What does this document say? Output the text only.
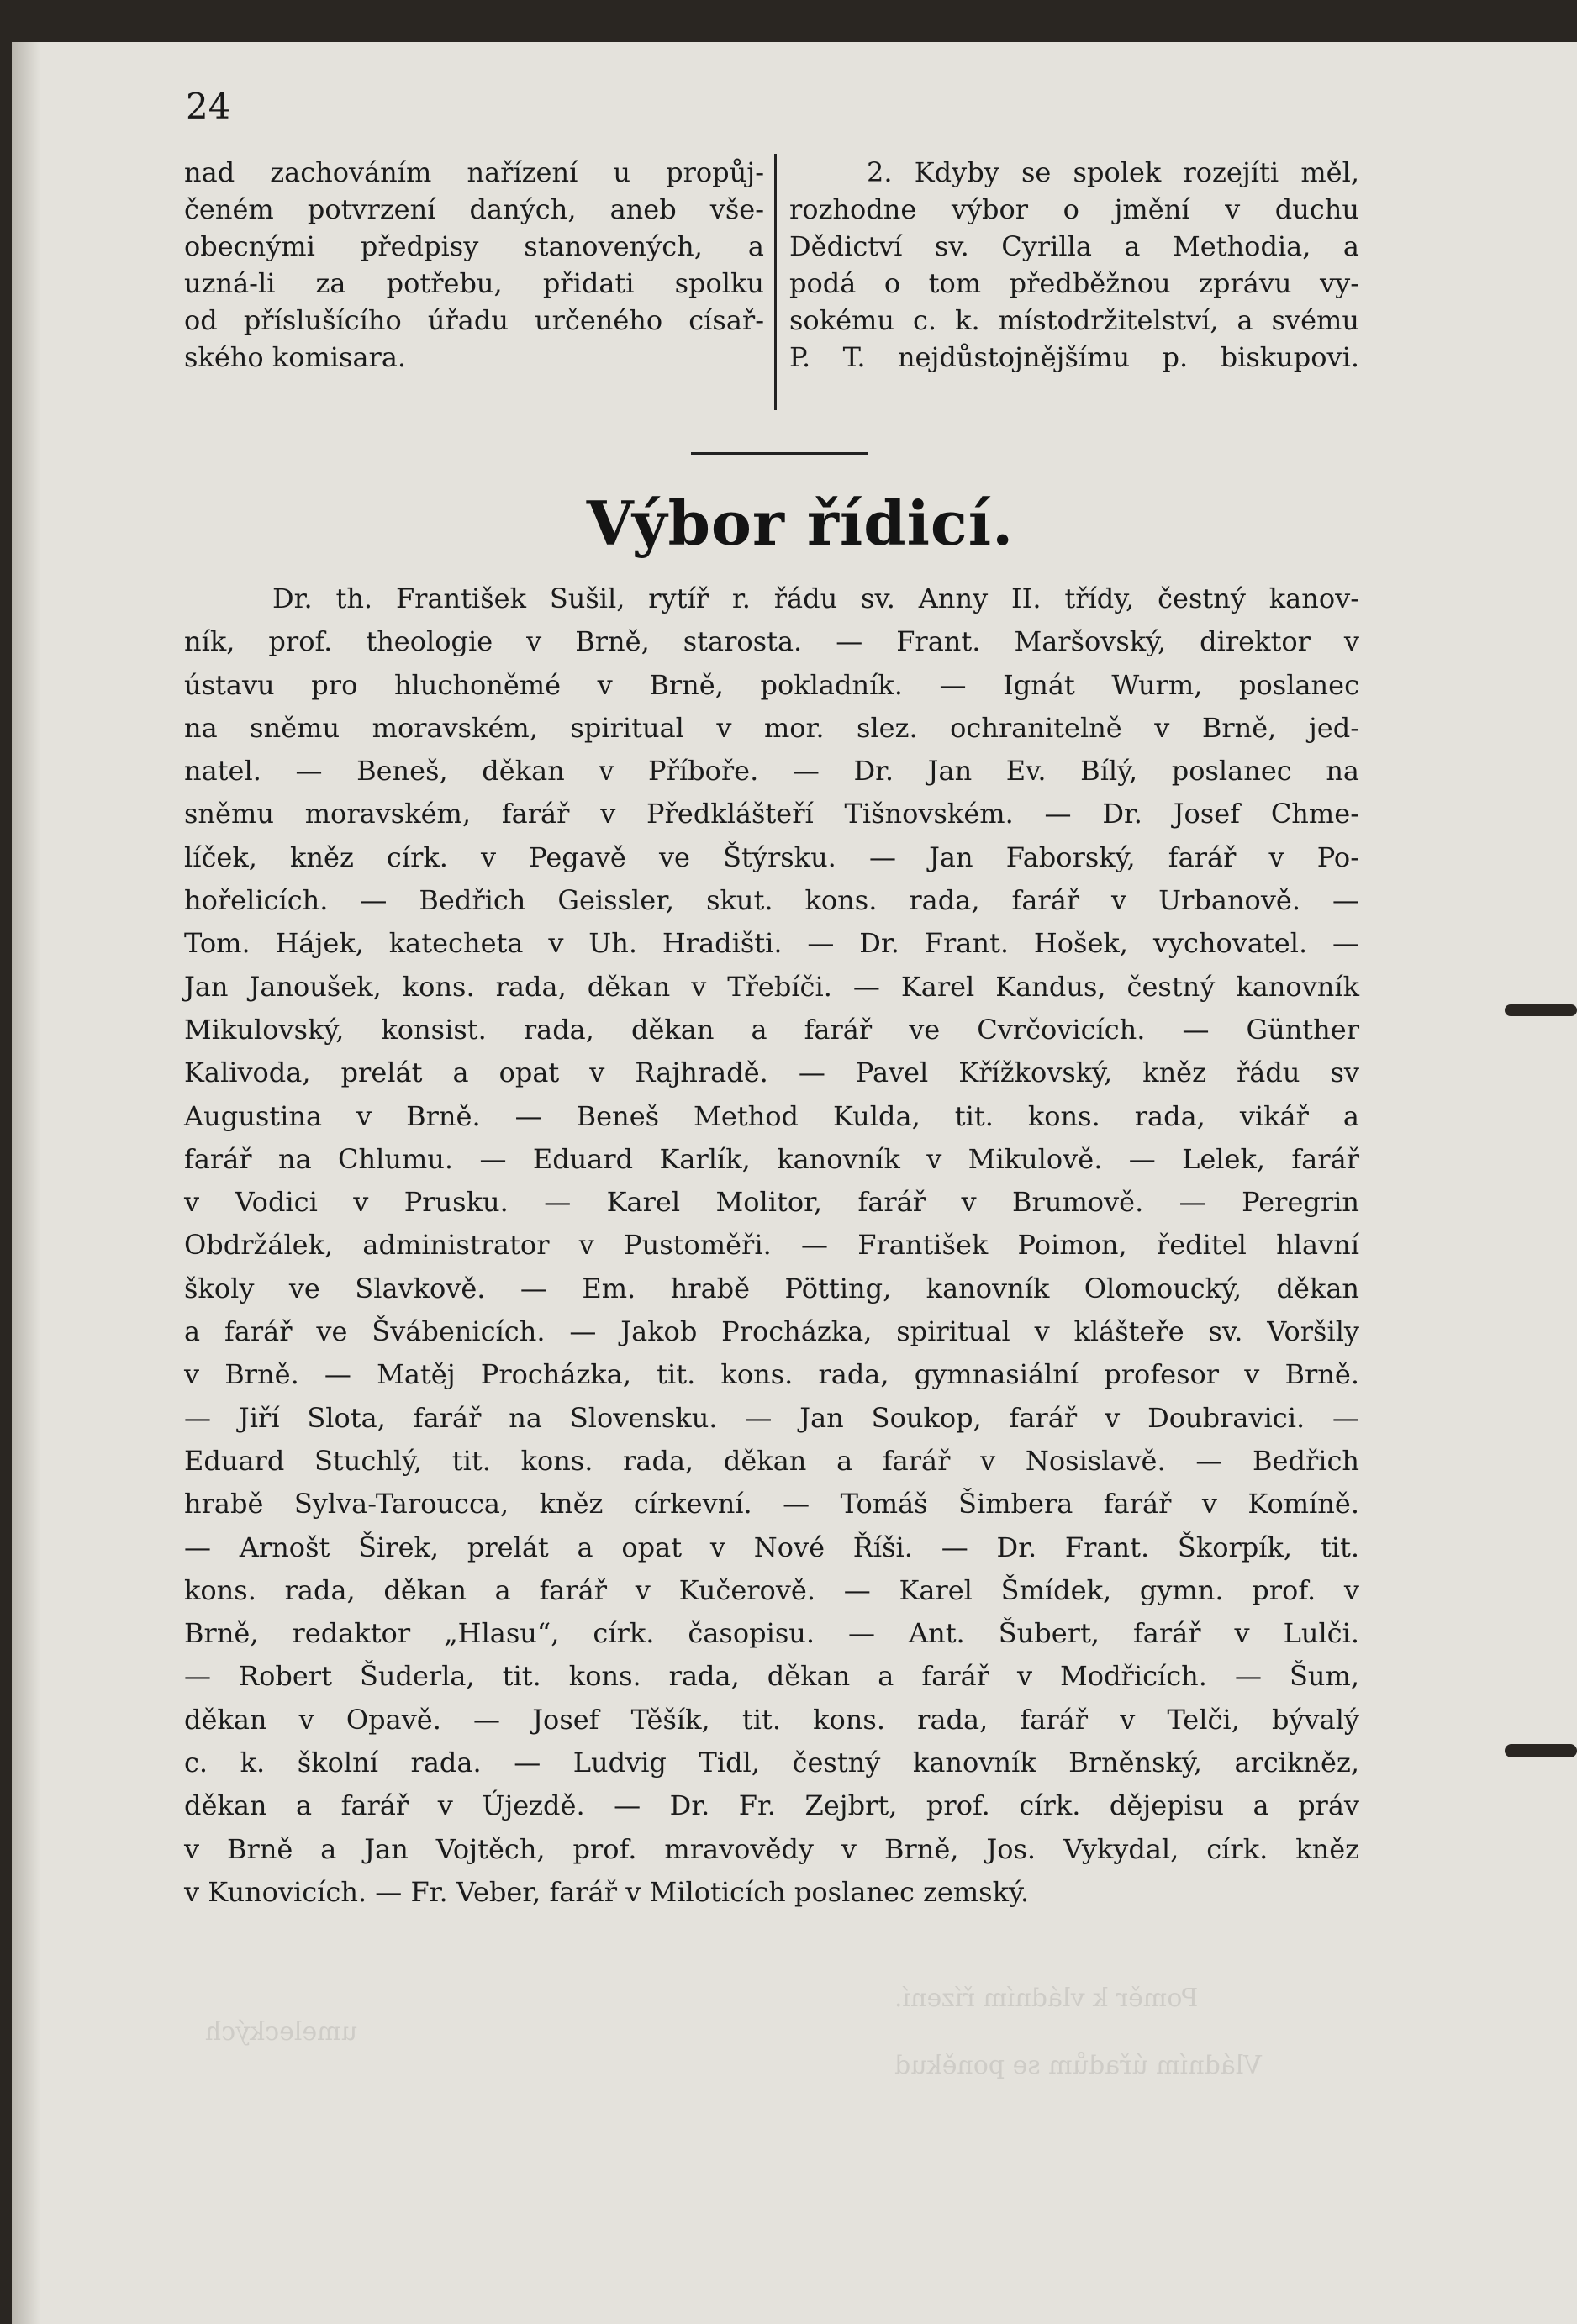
Poměr k vládním řízení.
umeleckých
Vládním úřadům se poněkud
24
nad zachováním nařízení u propůj-
čeném potvrzení daných, aneb vše-
obecnými předpisy stanovených, a
uzná-li za potřebu, přidati spolku
od příslušícího úřadu určeného císař-
ského komisara.
2. Kdyby se spolek rozejíti měl,
rozhodne výbor o jmění v duchu
Dědictví sv. Cyrilla a Methodia, a
podá o tom předběžnou zprávu vy-
sokému c. k. místodržitelství, a svému
P. T. nejdůstojnějšímu p. biskupovi.
Výbor řídicí.
Dr. th. František Sušil, rytíř r. řádu sv. Anny II. třídy, čestný kanov-
ník, prof. theologie v Brně, starosta. — Frant. Maršovský, direktor v
ústavu pro hluchoněmé v Brně, pokladník. — Ignát Wurm, poslanec
na sněmu moravském, spiritual v mor. slez. ochranitelně v Brně, jed-
natel. — Beneš, děkan v Příboře. — Dr. Jan Ev. Bílý, poslanec na
sněmu moravském, farář v Předklášteří Tišnovském. — Dr. Josef Chme-
líček, kněz círk. v Pegavě ve Štýrsku. — Jan Faborský, farář v Po-
hořelicích. — Bedřich Geissler, skut. kons. rada, farář v Urbanově. —
Tom. Hájek, katecheta v Uh. Hradišti. — Dr. Frant. Hošek, vychovatel. —
Jan Janoušek, kons. rada, děkan v Třebíči. — Karel Kandus, čestný kanovník
Mikulovský, konsist. rada, děkan a farář ve Cvrčovicích. — Günther
Kalivoda, prelát a opat v Rajhradě. — Pavel Křížkovský, kněz řádu sv
Augustina v Brně. — Beneš Method Kulda, tit. kons. rada, vikář a
farář na Chlumu. — Eduard Karlík, kanovník v Mikulově. — Lelek, farář
v Vodici v Prusku. — Karel Molitor, farář v Brumově. — Peregrin
Obdržálek, administrator v Pustoměři. — František Poimon, ředitel hlavní
školy ve Slavkově. — Em. hrabě Pötting, kanovník Olomoucký, děkan
a farář ve Švábenicích. — Jakob Procházka, spiritual v klášteře sv. Voršily
v Brně. — Matěj Procházka, tit. kons. rada, gymnasiální profesor v Brně.
— Jiří Slota, farář na Slovensku. — Jan Soukop, farář v Doubravici. —
Eduard Stuchlý, tit. kons. rada, děkan a farář v Nosislavě. — Bedřich
hrabě Sylva-Taroucca, kněz církevní. — Tomáš Šimbera farář v Komíně.
— Arnošt Širek, prelát a opat v Nové Říši. — Dr. Frant. Škorpík, tit.
kons. rada, děkan a farář v Kučerově. — Karel Šmídek, gymn. prof. v
Brně, redaktor „Hlasu“, círk. časopisu. — Ant. Šubert, farář v Lulči.
— Robert Šuderla, tit. kons. rada, děkan a farář v Modřicích. — Šum,
děkan v Opavě. — Josef Těšík, tit. kons. rada, farář v Telči, bývalý
c. k. školní rada. — Ludvig Tidl, čestný kanovník Brněnský, arcikněz,
děkan a farář v Újezdě. — Dr. Fr. Zejbrt, prof. círk. dějepisu a práv
v Brně a Jan Vojtěch, prof. mravovědy v Brně, Jos. Vykydal, círk. kněz
v Kunovicích. — Fr. Veber, farář v Miloticích poslanec zemský.
